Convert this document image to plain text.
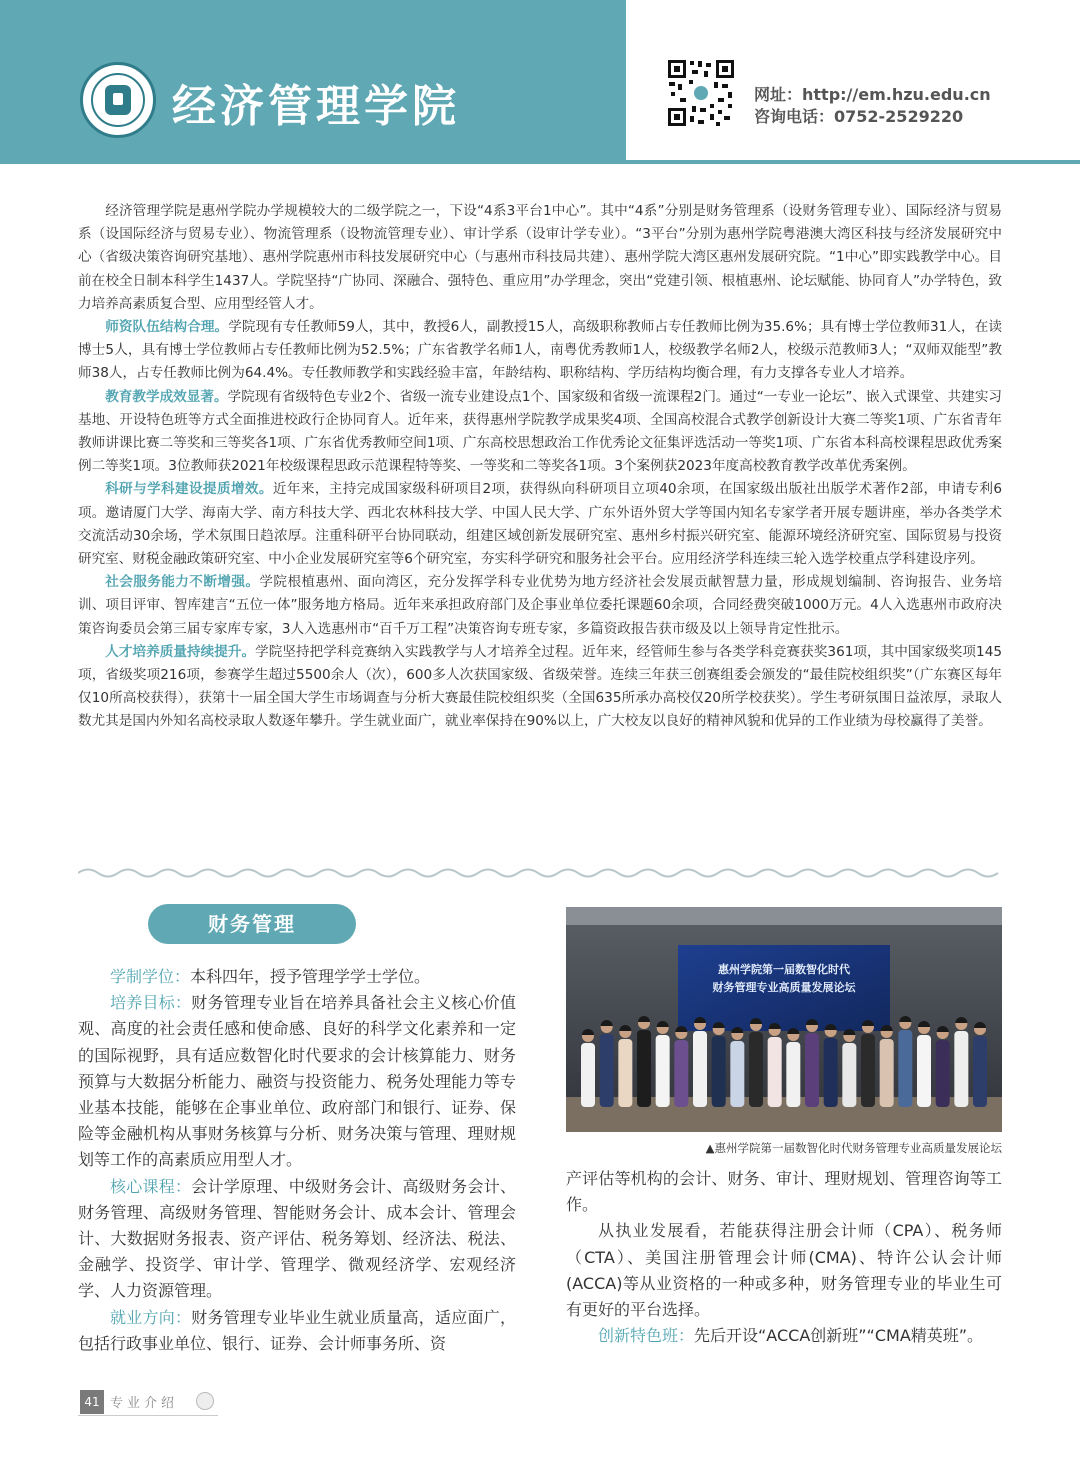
经济管理学院	网址：http://em.hzu.edu.cn
咨询电话：0752-2529220

经济管理学院是惠州学院办学规模较大的二级学院之一，下设“4系3平台1中心”。其中“4系”分别是财务管理系（设财务管理专业）、国际经济与贸易系（设国际经济与贸易专业）、物流管理系（设物流管理专业）、审计学系（设审计学专业）。“3平台”分别为惠州学院粤港澳大湾区科技与经济发展研究中心（省级决策咨询研究基地）、惠州学院惠州市科技发展研究中心（与惠州市科技局共建）、惠州学院大湾区惠州发展研究院。“1中心”即实践教学中心。目前在校全日制本科学生1437人。学院坚持“广协同、深融合、强特色、重应用”办学理念，突出“党建引领、根植惠州、论坛赋能、协同育人”办学特色，致力培养高素质复合型、应用型经管人才。

师资队伍结构合理。学院现有专任教师59人，其中，教授6人，副教授15人，高级职称教师占专任教师比例为35.6%；具有博士学位教师31人，在读博士5人，具有博士学位教师占专任教师比例为52.5%；广东省教学名师1人，南粤优秀教师1人，校级教学名师2人，校级示范教师3人；“双师双能型”教师38人，占专任教师比例为64.4%。专任教师教学和实践经验丰富，年龄结构、职称结构、学历结构均衡合理，有力支撑各专业人才培养。

教育教学成效显著。学院现有省级特色专业2个、省级一流专业建设点1个、国家级和省级一流课程2门。通过“一专业一论坛”、嵌入式课堂、共建实习基地、开设特色班等方式全面推进校政行企协同育人。近年来，获得惠州学院教学成果奖4项、全国高校混合式教学创新设计大赛二等奖1项、广东省青年教师讲课比赛二等奖和三等奖各1项、广东省优秀教师空间1项、广东高校思想政治工作优秀论文征集评选活动一等奖1项、广东省本科高校课程思政优秀案例二等奖1项。3位教师获2021年校级课程思政示范课程特等奖、一等奖和二等奖各1项。3个案例获2023年度高校教育教学改革优秀案例。

科研与学科建设提质增效。近年来，主持完成国家级科研项目2项，获得纵向科研项目立项40余项，在国家级出版社出版学术著作2部，申请专利6项。邀请厦门大学、海南大学、南方科技大学、西北农林科技大学、中国人民大学、广东外语外贸大学等国内知名专家学者开展专题讲座，举办各类学术交流活动30余场，学术氛围日趋浓厚。注重科研平台协同联动，组建区域创新发展研究室、惠州乡村振兴研究室、能源环境经济研究室、国际贸易与投资研究室、财税金融政策研究室、中小企业发展研究室等6个研究室，夯实科学研究和服务社会平台。应用经济学科连续三轮入选学校重点学科建设序列。

社会服务能力不断增强。学院根植惠州、面向湾区，充分发挥学科专业优势为地方经济社会发展贡献智慧力量，形成规划编制、咨询报告、业务培训、项目评审、智库建言“五位一体”服务地方格局。近年来承担政府部门及企事业单位委托课题60余项，合同经费突破1000万元。4人入选惠州市政府决策咨询委员会第三届专家库专家，3人入选惠州市“百千万工程”决策咨询专班专家，多篇资政报告获市级及以上领导肯定性批示。

人才培养质量持续提升。学院坚持把学科竞赛纳入实践教学与人才培养全过程。近年来，经管师生参与各类学科竞赛获奖361项，其中国家级奖项145项，省级奖项216项，参赛学生超过5500余人（次），600多人次获国家级、省级荣誉。连续三年获三创赛组委会颁发的“最佳院校组织奖”（广东赛区每年仅10所高校获得），获第十一届全国大学生市场调查与分析大赛最佳院校组织奖（全国635所承办高校仅20所学校获奖）。学生考研氛围日益浓厚，录取人数尤其是国内外知名高校录取人数逐年攀升。学生就业面广，就业率保持在90%以上，广大校友以良好的精神风貌和优异的工作业绩为母校赢得了美誉。

财务管理

学制学位：本科四年，授予管理学学士学位。

培养目标：财务管理专业旨在培养具备社会主义核心价值观、高度的社会责任感和使命感、良好的科学文化素养和一定的国际视野，具有适应数智化时代要求的会计核算能力、财务预算与大数据分析能力、融资与投资能力、税务处理能力等专业基本技能，能够在企事业单位、政府部门和银行、证券、保险等金融机构从事财务核算与分析、财务决策与管理、理财规划等工作的高素质应用型人才。

核心课程：会计学原理、中级财务会计、高级财务会计、财务管理、高级财务管理、智能财务会计、成本会计、管理会计、大数据财务报表、资产评估、税务筹划、经济法、税法、金融学、投资学、审计学、管理学、微观经济学、宏观经济学、人力资源管理。

就业方向：财务管理专业毕业生就业质量高，适应面广，包括行政事业单位、银行、证券、会计师事务所、资

惠州学院第一届数智化时代
财务管理专业高质量发展论坛
▲惠州学院第一届数智化时代财务管理专业高质量发展论坛

产评估等机构的会计、财务、审计、理财规划、管理咨询等工作。

从执业发展看，若能获得注册会计师（CPA）、税务师（CTA）、美国注册管理会计师(CMA)、特许公认会计师(ACCA)等从业资格的一种或多种，财务管理专业的毕业生可有更好的平台选择。

创新特色班：先后开设“ACCA创新班”“CMA精英班”。

41 专业介绍
